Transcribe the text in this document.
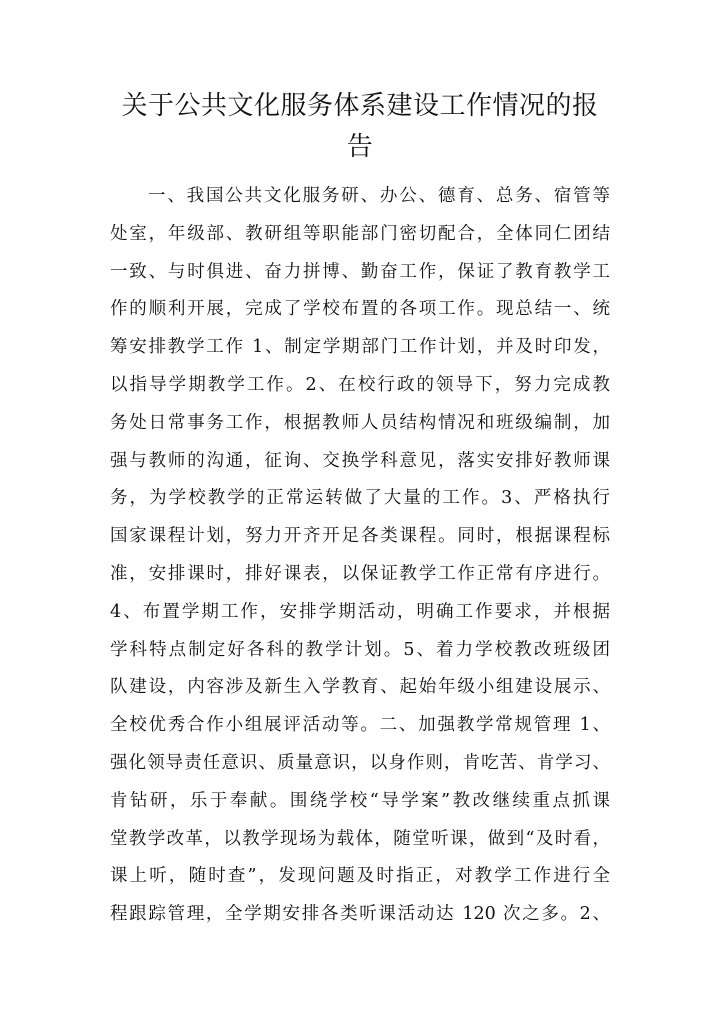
关于公共文化服务体系建设工作情况的报
告
一、我国公共文化服务研、办公、德育、总务、宿管等
处室，年级部、教研组等职能部门密切配合，全体同仁团结
一致、与时俱进、奋力拼博、勤奋工作，保证了教育教学工
作的顺利开展，完成了学校布置的各项工作。现总结一、统
筹安排教学工作 1、制定学期部门工作计划，并及时印发，
以指导学期教学工作。2、在校行政的领导下，努力完成教
务处日常事务工作，根据教师人员结构情况和班级编制，加
强与教师的沟通，征询、交换学科意见，落实安排好教师课
务，为学校教学的正常运转做了大量的工作。3、严格执行
国家课程计划，努力开齐开足各类课程。同时，根据课程标
准，安排课时，排好课表，以保证教学工作正常有序进行。
4、布置学期工作，安排学期活动，明确工作要求，并根据
学科特点制定好各科的教学计划。5、着力学校教改班级团
队建设，内容涉及新生入学教育、起始年级小组建设展示、
全校优秀合作小组展评活动等。二、加强教学常规管理 1、
强化领导责任意识、质量意识，以身作则，肯吃苦、肯学习、
肯钻研，乐于奉献。围绕学校“导学案”教改继续重点抓课
堂教学改革，以教学现场为载体，随堂听课，做到“及时看，
课上听，随时查”，发现问题及时指正，对教学工作进行全
程跟踪管理，全学期安排各类听课活动达 120 次之多。2、
